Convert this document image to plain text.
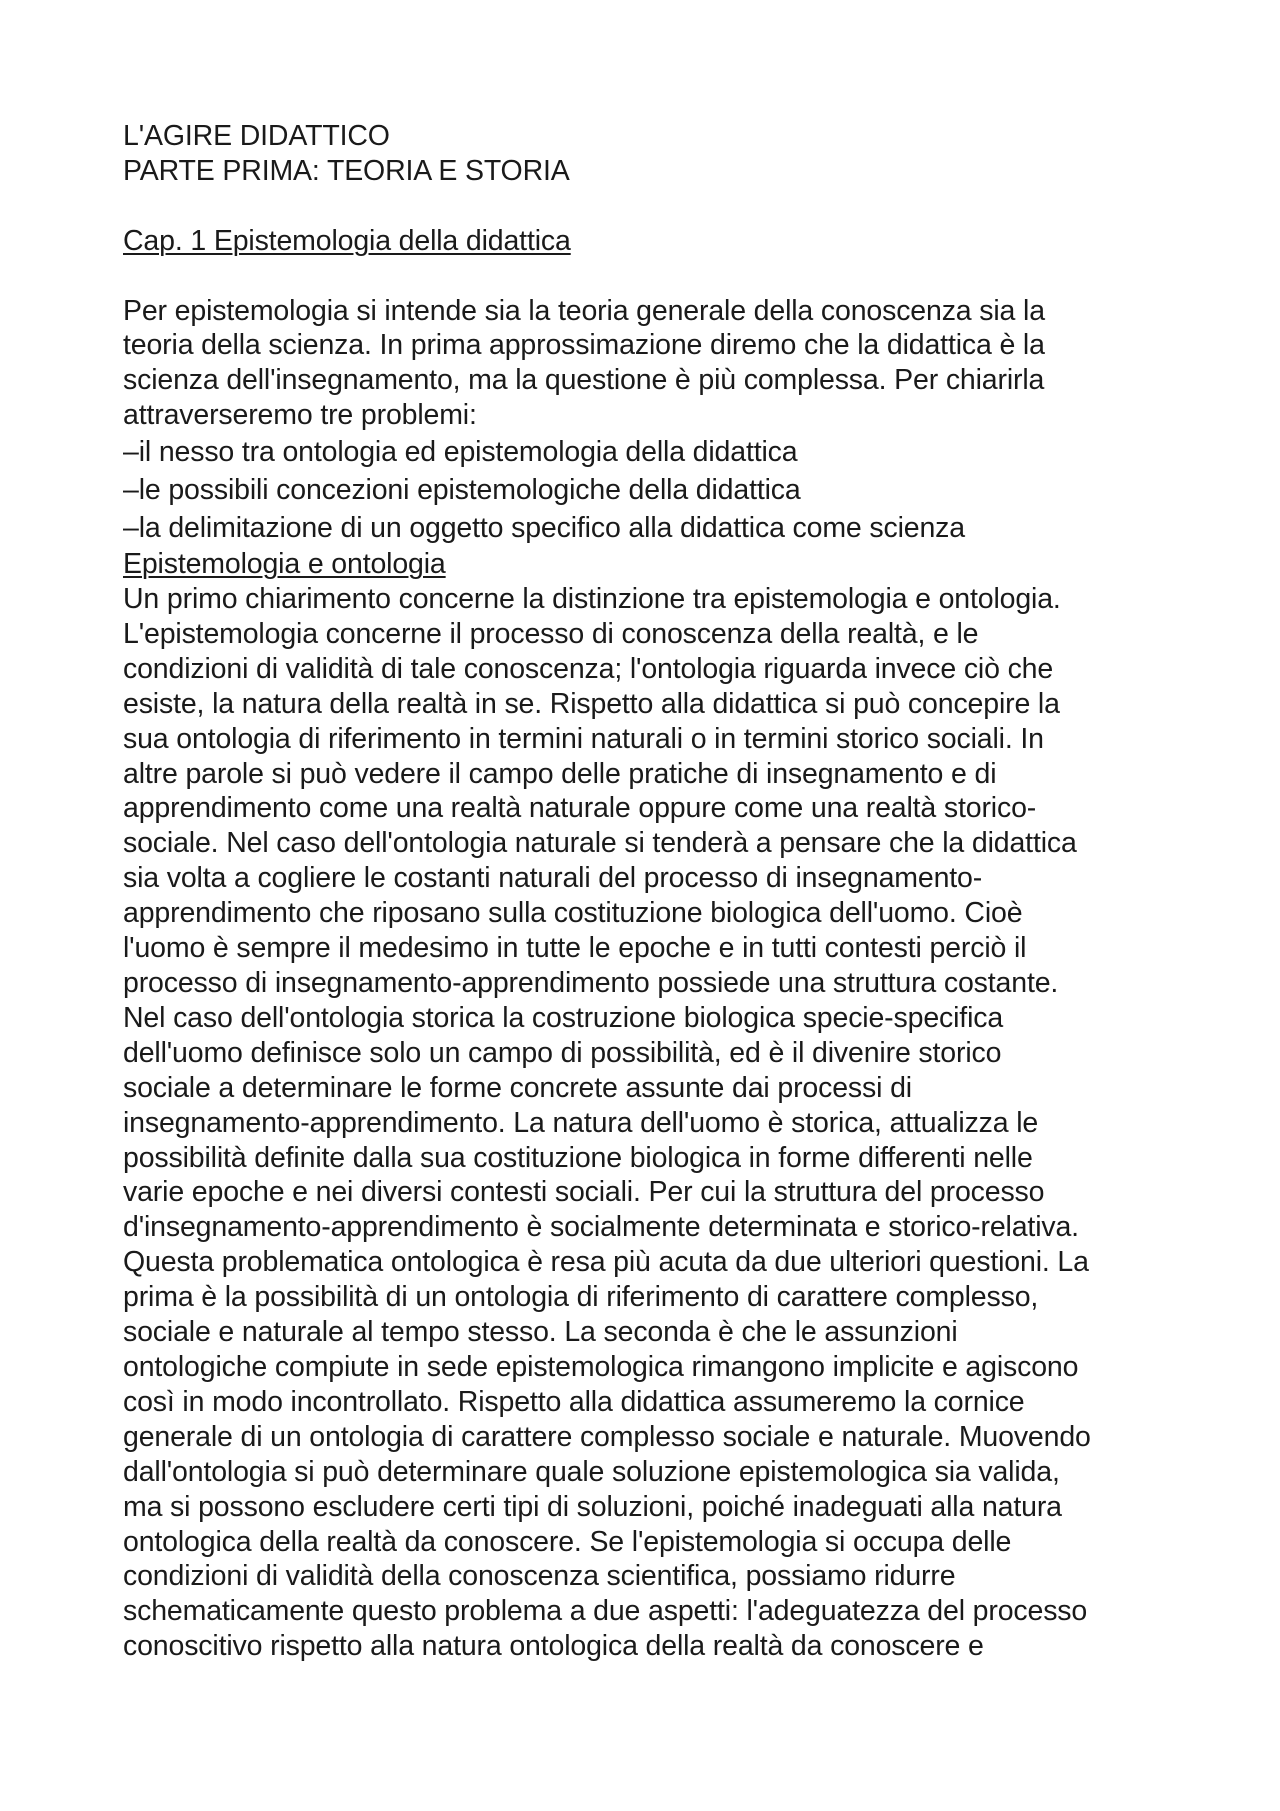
L'AGIRE DIDATTICO
PARTE PRIMA: TEORIA E STORIA
Cap. 1 Epistemologia della didattica
Per epistemologia si intende sia la teoria generale della conoscenza sia la
teoria della scienza. In prima approssimazione diremo che la didattica è la
scienza dell'insegnamento, ma la questione è più complessa. Per chiarirla
attraverseremo tre problemi:
–il nesso tra ontologia ed epistemologia della didattica
–le possibili concezioni epistemologiche della didattica
–la delimitazione di un oggetto specifico alla didattica come scienza
Epistemologia e ontologia
Un primo chiarimento concerne la distinzione tra epistemologia e ontologia.
L'epistemologia concerne il processo di conoscenza della realtà, e le
condizioni di validità di tale conoscenza; l'ontologia riguarda invece ciò che
esiste, la natura della realtà in se. Rispetto alla didattica si può concepire la
sua ontologia di riferimento in termini naturali o in termini storico sociali. In
altre parole si può vedere il campo delle pratiche di insegnamento e di
apprendimento come una realtà naturale oppure come una realtà storico-
sociale. Nel caso dell'ontologia naturale si tenderà a pensare che la didattica
sia volta a cogliere le costanti naturali del processo di insegnamento-
apprendimento che riposano sulla costituzione biologica dell'uomo. Cioè
l'uomo è sempre il medesimo in tutte le epoche e in tutti contesti perciò il
processo di insegnamento-apprendimento possiede una struttura costante.
Nel caso dell'ontologia storica la costruzione biologica specie-specifica
dell'uomo definisce solo un campo di possibilità, ed è il divenire storico
sociale a determinare le forme concrete assunte dai processi di
insegnamento-apprendimento. La natura dell'uomo è storica, attualizza le
possibilità definite dalla sua costituzione biologica in forme differenti nelle
varie epoche e nei diversi contesti sociali. Per cui la struttura del processo
d'insegnamento-apprendimento è socialmente determinata e storico-relativa.
Questa problematica ontologica è resa più acuta da due ulteriori questioni. La
prima è la possibilità di un ontologia di riferimento di carattere complesso,
sociale e naturale al tempo stesso. La seconda è che le assunzioni
ontologiche compiute in sede epistemologica rimangono implicite e agiscono
così in modo incontrollato. Rispetto alla didattica assumeremo la cornice
generale di un ontologia di carattere complesso sociale e naturale. Muovendo
dall'ontologia si può determinare quale soluzione epistemologica sia valida,
ma si possono escludere certi tipi di soluzioni, poiché inadeguati alla natura
ontologica della realtà da conoscere. Se l'epistemologia si occupa delle
condizioni di validità della conoscenza scientifica, possiamo ridurre
schematicamente questo problema a due aspetti: l'adeguatezza del processo
conoscitivo rispetto alla natura ontologica della realtà da conoscere e
